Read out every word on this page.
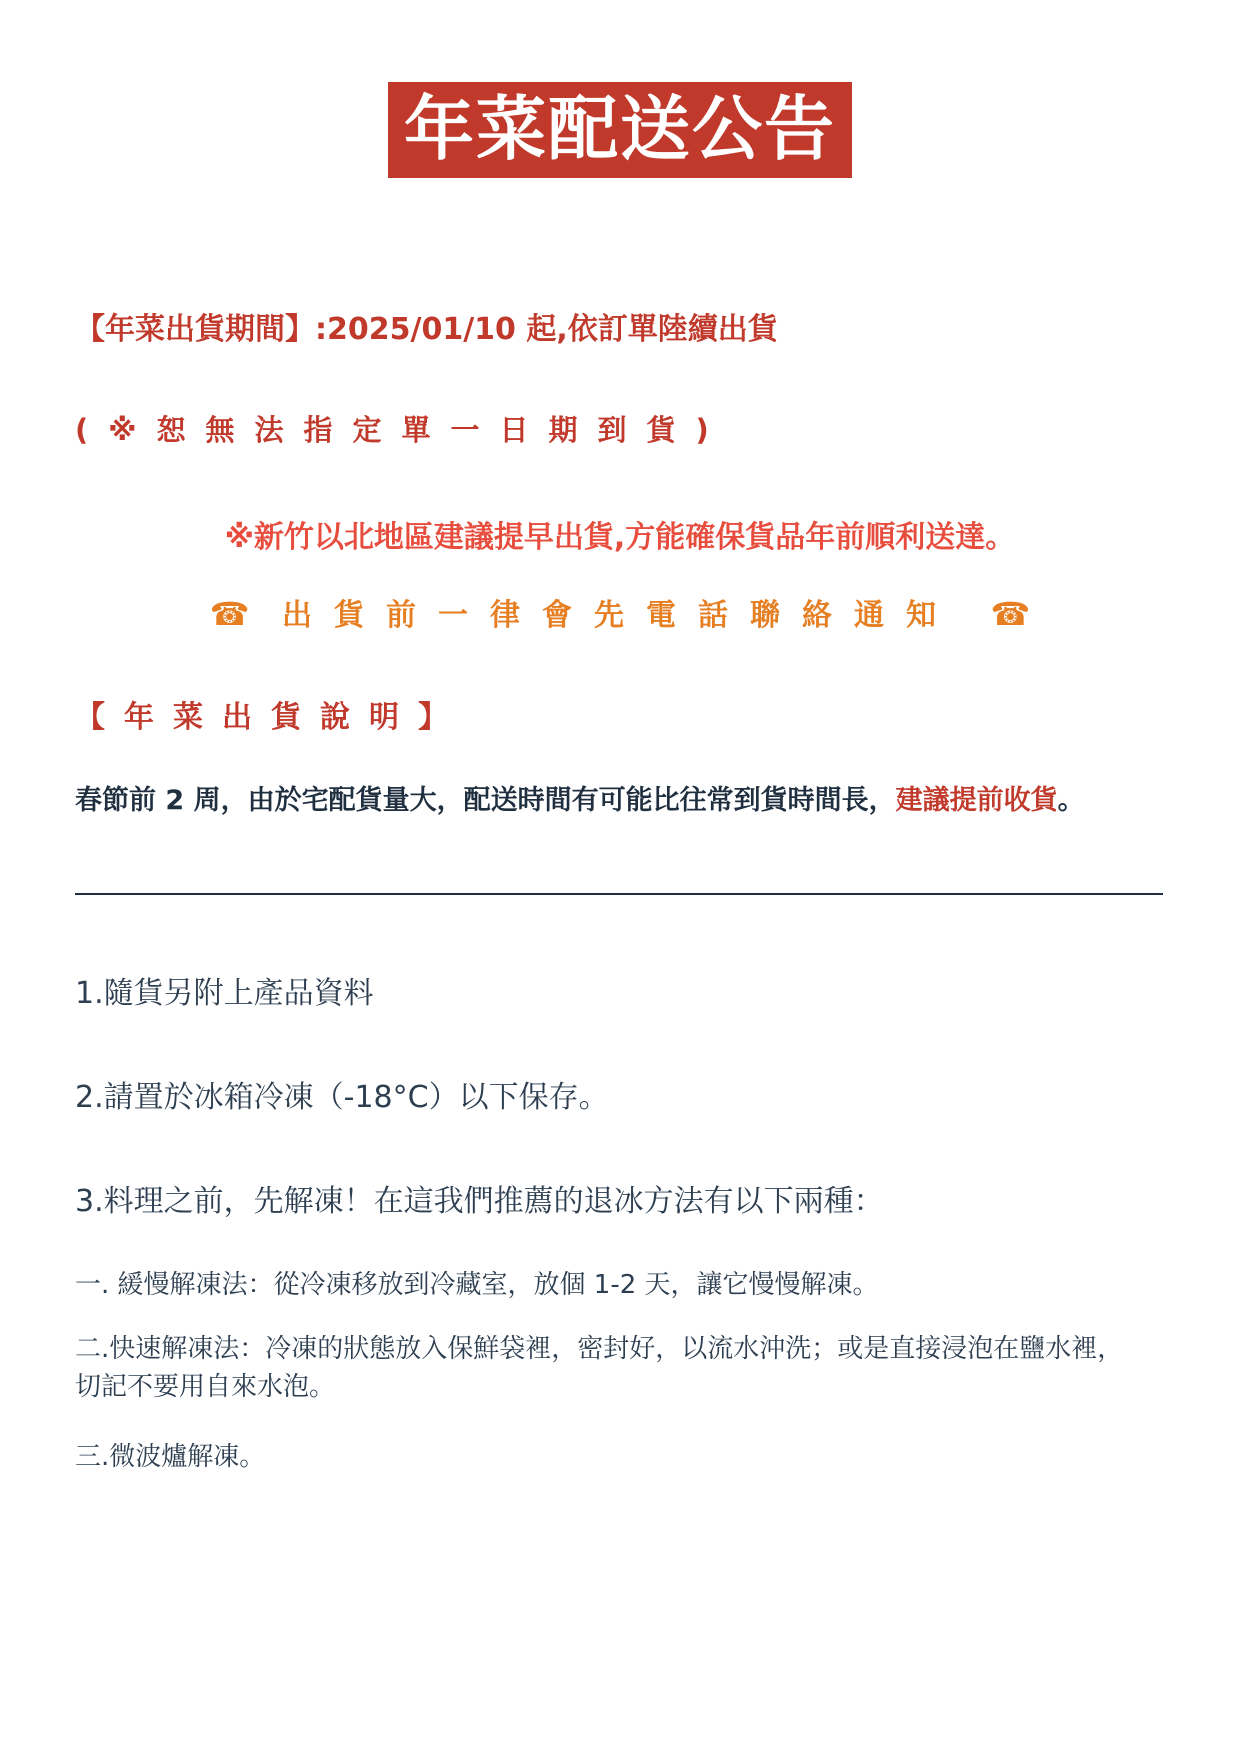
年菜配送公告
【年菜出貨期間】:2025/01/10 起,依訂單陸續出貨
(※恕無法指定單一日期到貨)
※新竹以北地區建議提早出貨,方能確保貨品年前順利送達。
☎ 出貨前一律會先電話聯絡通知 ☎
【年菜出貨說明】
春節前 2 周，由於宅配貨量大，配送時間有可能比往常到貨時間長，建議提前收貨。
1.隨貨另附上產品資料
2.請置於冰箱冷凍（-18°C）以下保存。
3.料理之前，先解凍！在這我們推薦的退冰方法有以下兩種：
一. 緩慢解凍法：從冷凍移放到冷藏室，放個 1-2 天，讓它慢慢解凍。
二.快速解凍法：冷凍的狀態放入保鮮袋裡，密封好，以流水沖洗；或是直接浸泡在鹽水裡，切記不要用自來水泡。
三.微波爐解凍。
